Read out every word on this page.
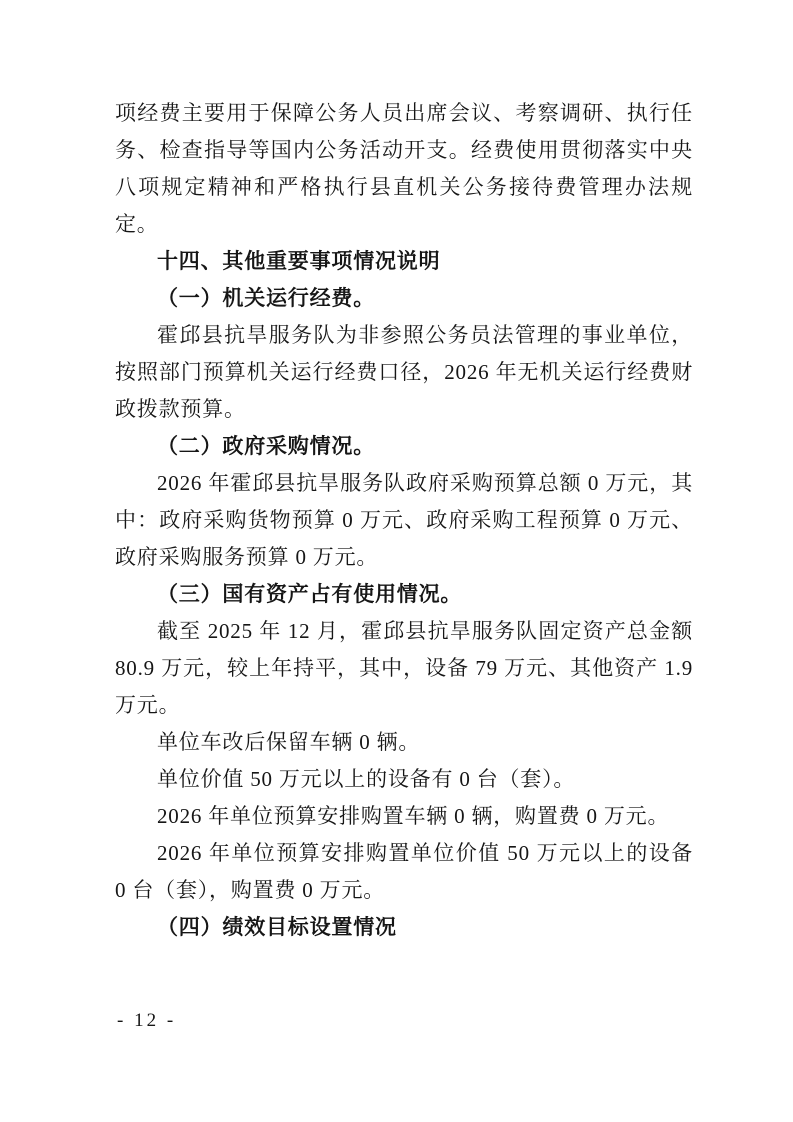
项经费主要用于保障公务人员出席会议、考察调研、执行任务、检查指导等国内公务活动开支。经费使用贯彻落实中央八项规定精神和严格执行县直机关公务接待费管理办法规定。

十四、其他重要事项情况说明

（一）机关运行经费。

霍邱县抗旱服务队为非参照公务员法管理的事业单位，按照部门预算机关运行经费口径，2026 年无机关运行经费财政拨款预算。

（二）政府采购情况。

2026 年霍邱县抗旱服务队政府采购预算总额 0 万元，其中：政府采购货物预算 0 万元、政府采购工程预算 0 万元、政府采购服务预算 0 万元。

（三）国有资产占有使用情况。

截至 2025 年 12 月，霍邱县抗旱服务队固定资产总金额 80.9 万元，较上年持平，其中，设备 79 万元、其他资产 1.9 万元。

单位车改后保留车辆 0 辆。

单位价值 50 万元以上的设备有 0 台（套）。

2026 年单位预算安排购置车辆 0 辆，购置费 0 万元。

2026 年单位预算安排购置单位价值 50 万元以上的设备 0 台（套），购置费 0 万元。

（四）绩效目标设置情况

- 12 -
